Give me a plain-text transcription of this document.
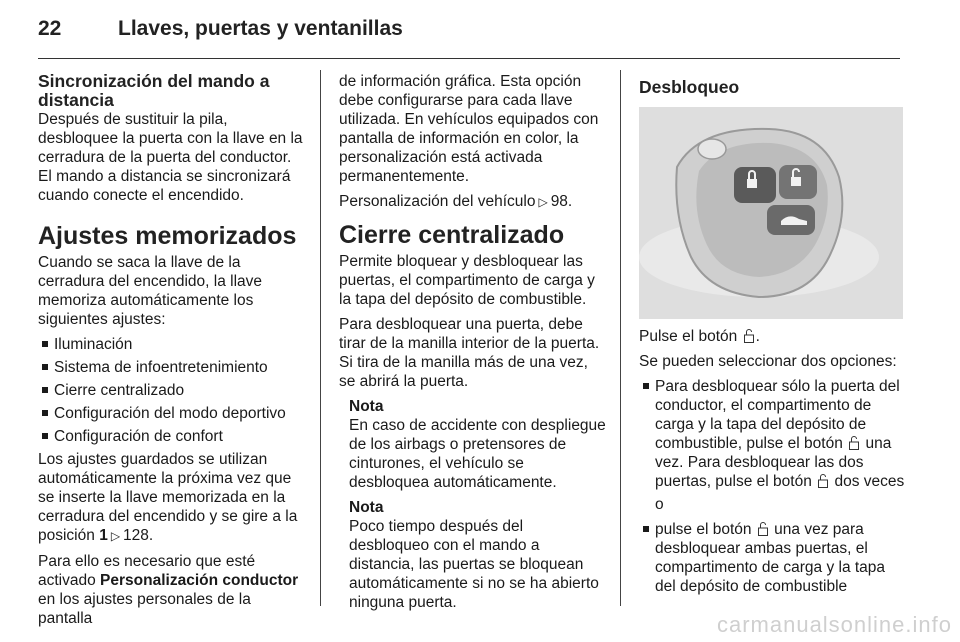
22	Llaves, puertas y ventanillas
Sincronización del mando a distancia

Después de sustituir la pila, desbloquee la puerta con la llave en la cerradura de la puerta del conductor. El mando a distancia se sincronizará cuando conecte el encendido.

Ajustes memorizados

Cuando se saca la llave de la cerradura del encendido, la llave memoriza automáticamente los siguientes ajustes:

Iluminación
Sistema de infoentretenimiento
Cierre centralizado
Configuración del modo deportivo
Configuración de confort

Los ajustes guardados se utilizan automáticamente la próxima vez que se inserte la llave memorizada en la cerradura del encendido y se gire a la posición 1 ▷ 128.

Para ello es necesario que esté activado Personalización conductor en los ajustes personales de la pantalla

de información gráfica. Esta opción debe configurarse para cada llave utilizada. En vehículos equipados con pantalla de información en color, la personalización está activada permanentemente.

Personalización del vehículo ▷ 98.

Cierre centralizado

Permite bloquear y desbloquear las puertas, el compartimento de carga y la tapa del depósito de combustible.

Para desbloquear una puerta, debe tirar de la manilla interior de la puerta. Si tira de la manilla más de una vez, se abrirá la puerta.

Nota
En caso de accidente con despliegue de los airbags o pretensores de cinturones, el vehículo se desbloquea automáticamente.
Nota
Poco tiempo después del desbloqueo con el mando a distancia, las puertas se bloquean automáticamente si no se ha abierto ninguna puerta.
Desbloqueo

Pulse el botón .

Se pueden seleccionar dos opciones:

Para desbloquear sólo la puerta del conductor, el compartimento de carga y la tapa del depósito de combustible, pulse el botón una vez. Para desbloquear las dos puertas, pulse el botón dos veces

o

pulse el botón una vez para desbloquear ambas puertas, el compartimento de carga y la tapa del depósito de combustible
carmanualsonline.info
